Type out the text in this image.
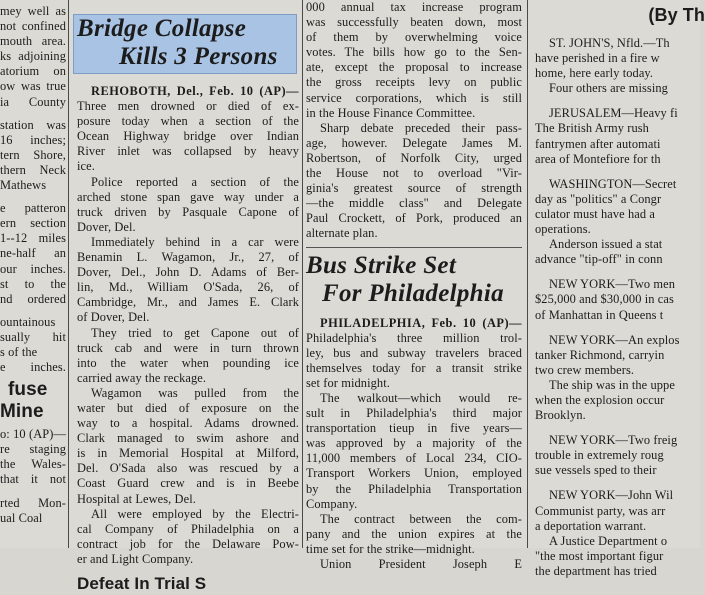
mey well as
not confined
mouth area.
ks adjoining
atorium on
ow was true
ia County

station was
16 inches;
tern Shore,
thern Neck
Mathews

e patteron
ern section
1--12 miles
ne-half an
our inches.
st to the
nd ordered

ountainous
sually hit
s of the
e inches.
fuse
Mine
o: 10 (AP)—
re staging
the Wales-
that it not

rted Mon-
ual Coal
Bridge Collapse
Kills 3 Persons
REHOBOTH, Del., Feb. 10 (AP)—
Three men drowned or died of ex-
posure today when a section of the
Ocean Highway bridge over Indian
River inlet was collapsed by heavy
ice.
Police reported a section of the
arched stone span gave way under a
truck driven by Pasquale Capone of
Dover, Del.
Immediately behind in a car were
Benamin L. Wagamon, Jr., 27, of
Dover, Del., John D. Adams of Ber-
lin, Md., William O'Sada, 26, of
Cambridge, Mr., and James E. Clark
of Dover, Del.
They tried to get Capone out of
truck cab and were in turn thrown
into the water when pounding ice
carried away the reckage.
Wagamon was pulled from the
water but died of exposure on the
way to a hospital. Adams drowned.
Clark managed to swim ashore and
is in Memorial Hospital at Milford,
Del. O'Sada also was rescued by a
Coast Guard crew and is in Beebe
Hospital at Lewes, Del.
All were employed by the Electri-
cal Company of Philadelphia on a
contract job for the Delaware Pow-
er and Light Company.
Defeat In Trial S
000 annual tax increase program
was successfully beaten down, most
of them by overwhelming voice
votes. The bills how go to the Sen-
ate, except the proposal to increase
the gross receipts levy on public
service corporations, which is still
in the House Finance Committee.
Sharp debate preceded their pass-
age, however. Delegate James M.
Robertson, of Norfolk City, urged
the House not to overload "Vir-
ginia's greatest source of strength
—the middle class" and Delegate
Paul Crockett, of Pork, produced an
alternate plan.
Bus Strike Set
For Philadelphia
PHILADELPHIA, Feb. 10 (AP)—
Philadelphia's three million trol-
ley, bus and subway travelers braced
themselves today for a transit strike
set for midnight.
The walkout—which would re-
sult in Philadelphia's third major
transportation tieup in five years—
was approved by a majority of the
11,000 members of Local 234, CIO-
Transport Workers Union, employed
by the Philadelphia Transportation
Company.
The contract between the com-
pany and the union expires at the
time set for the strike—midnight.
Union President Joseph E
(By Th
ST. JOHN'S, Nfld.—Th
have perished in a fire w
home, here early today.
Four others are missing
JERUSALEM—Heavy fi
The British Army rush
fantrymen after automati
area of Montefiore for th
WASHINGTON—Secret
day as "politics" a Congr
culator must have had a
operations.
Anderson issued a stat
advance "tip-off" in conn
NEW YORK—Two men
$25,000 and $30,000 in cas
of Manhattan in Queens t
NEW YORK—An explos
tanker Richmond, carryin
two crew members.
The ship was in the uppe
when the explosion occur
Brooklyn.
NEW YORK—Two freig
trouble in extremely roug
sue vessels sped to their
NEW YORK—John Wil
Communist party, was arr
a deportation warrant.
A Justice Department o
"the most important figur
the department has tried
